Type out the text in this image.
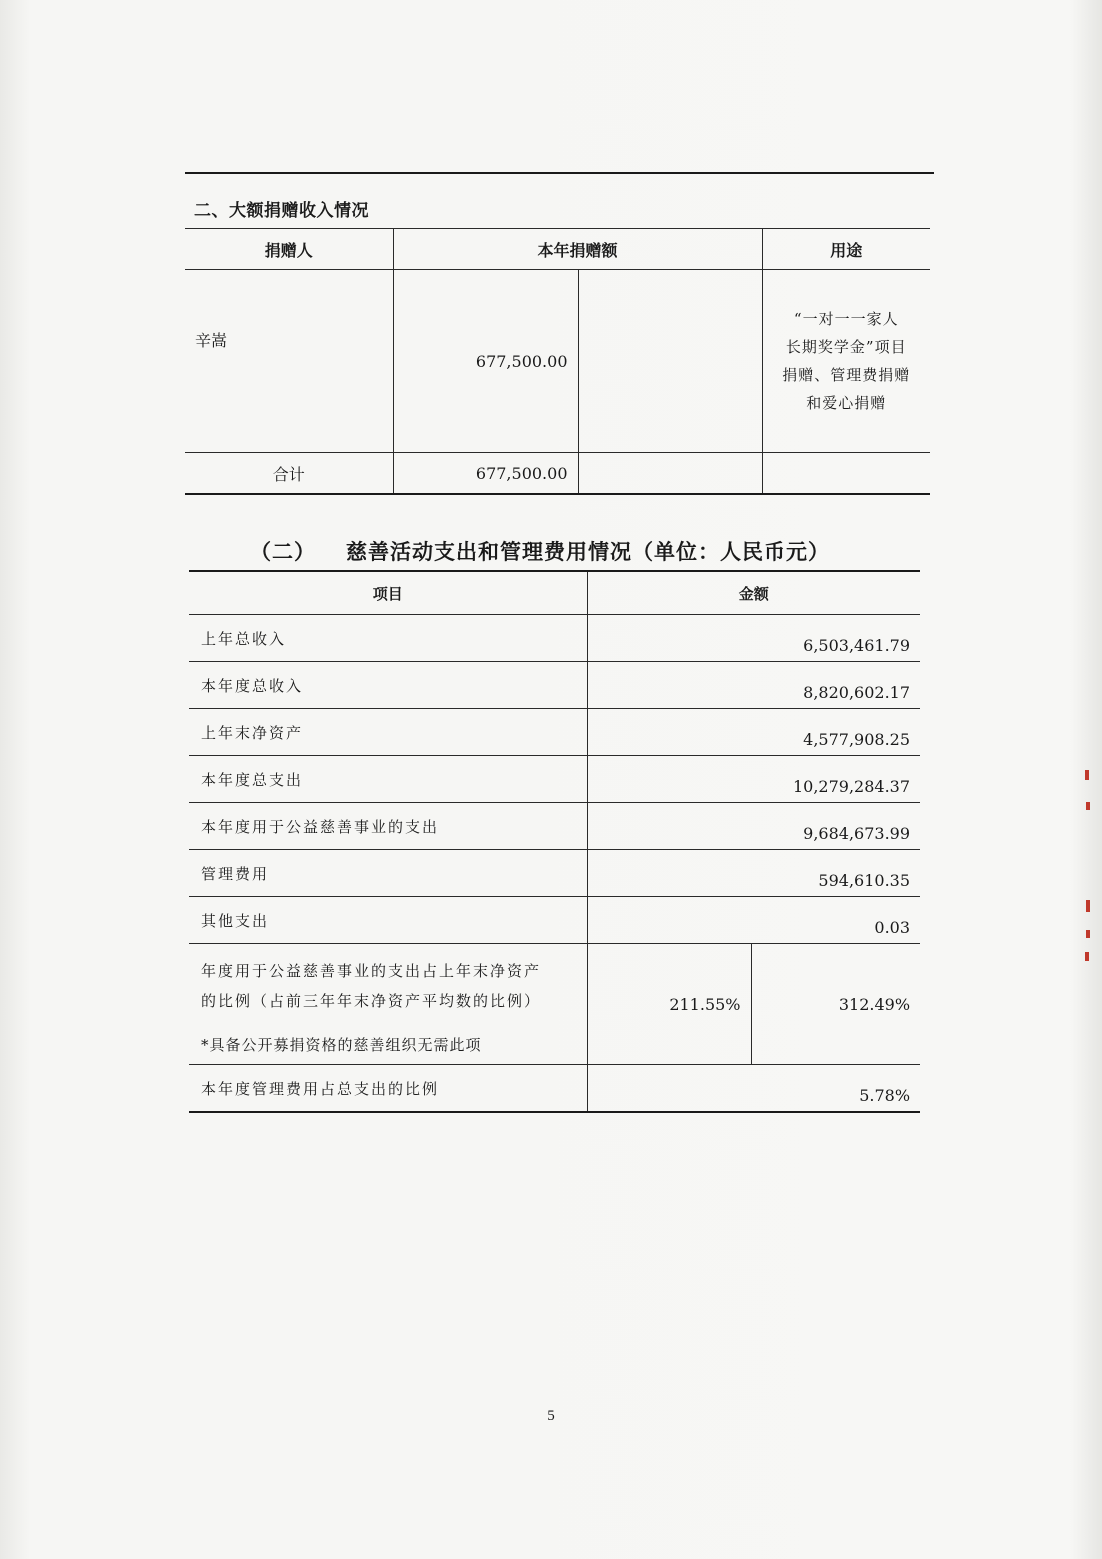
二、大额捐赠收入情况
捐赠人	本年捐赠额		用途
辛嵩	677,500.00		“一对一一家人
长期奖学金”项目
捐赠、管理费捐赠
和爱心捐赠

合计	677,500.00		
（二） 慈善活动支出和管理费用情况（单位：人民币元）
项目	金额	
上年总收入	6,503,461.79	
本年度总收入	8,820,602.17	
上年末净资产	4,577,908.25	
本年度总支出	10,279,284.37	
本年度用于公益慈善事业的支出	9,684,673.99	
管理费用	594,610.35	
其他支出	0.03	
年度用于公益慈善事业的支出占上年末净资产
的比例（占前三年年末净资产平均数的比例）
*具备公开募捐资格的慈善组织无需此项	211.55%	312.49%
本年度管理费用占总支出的比例	5.78%	
5
